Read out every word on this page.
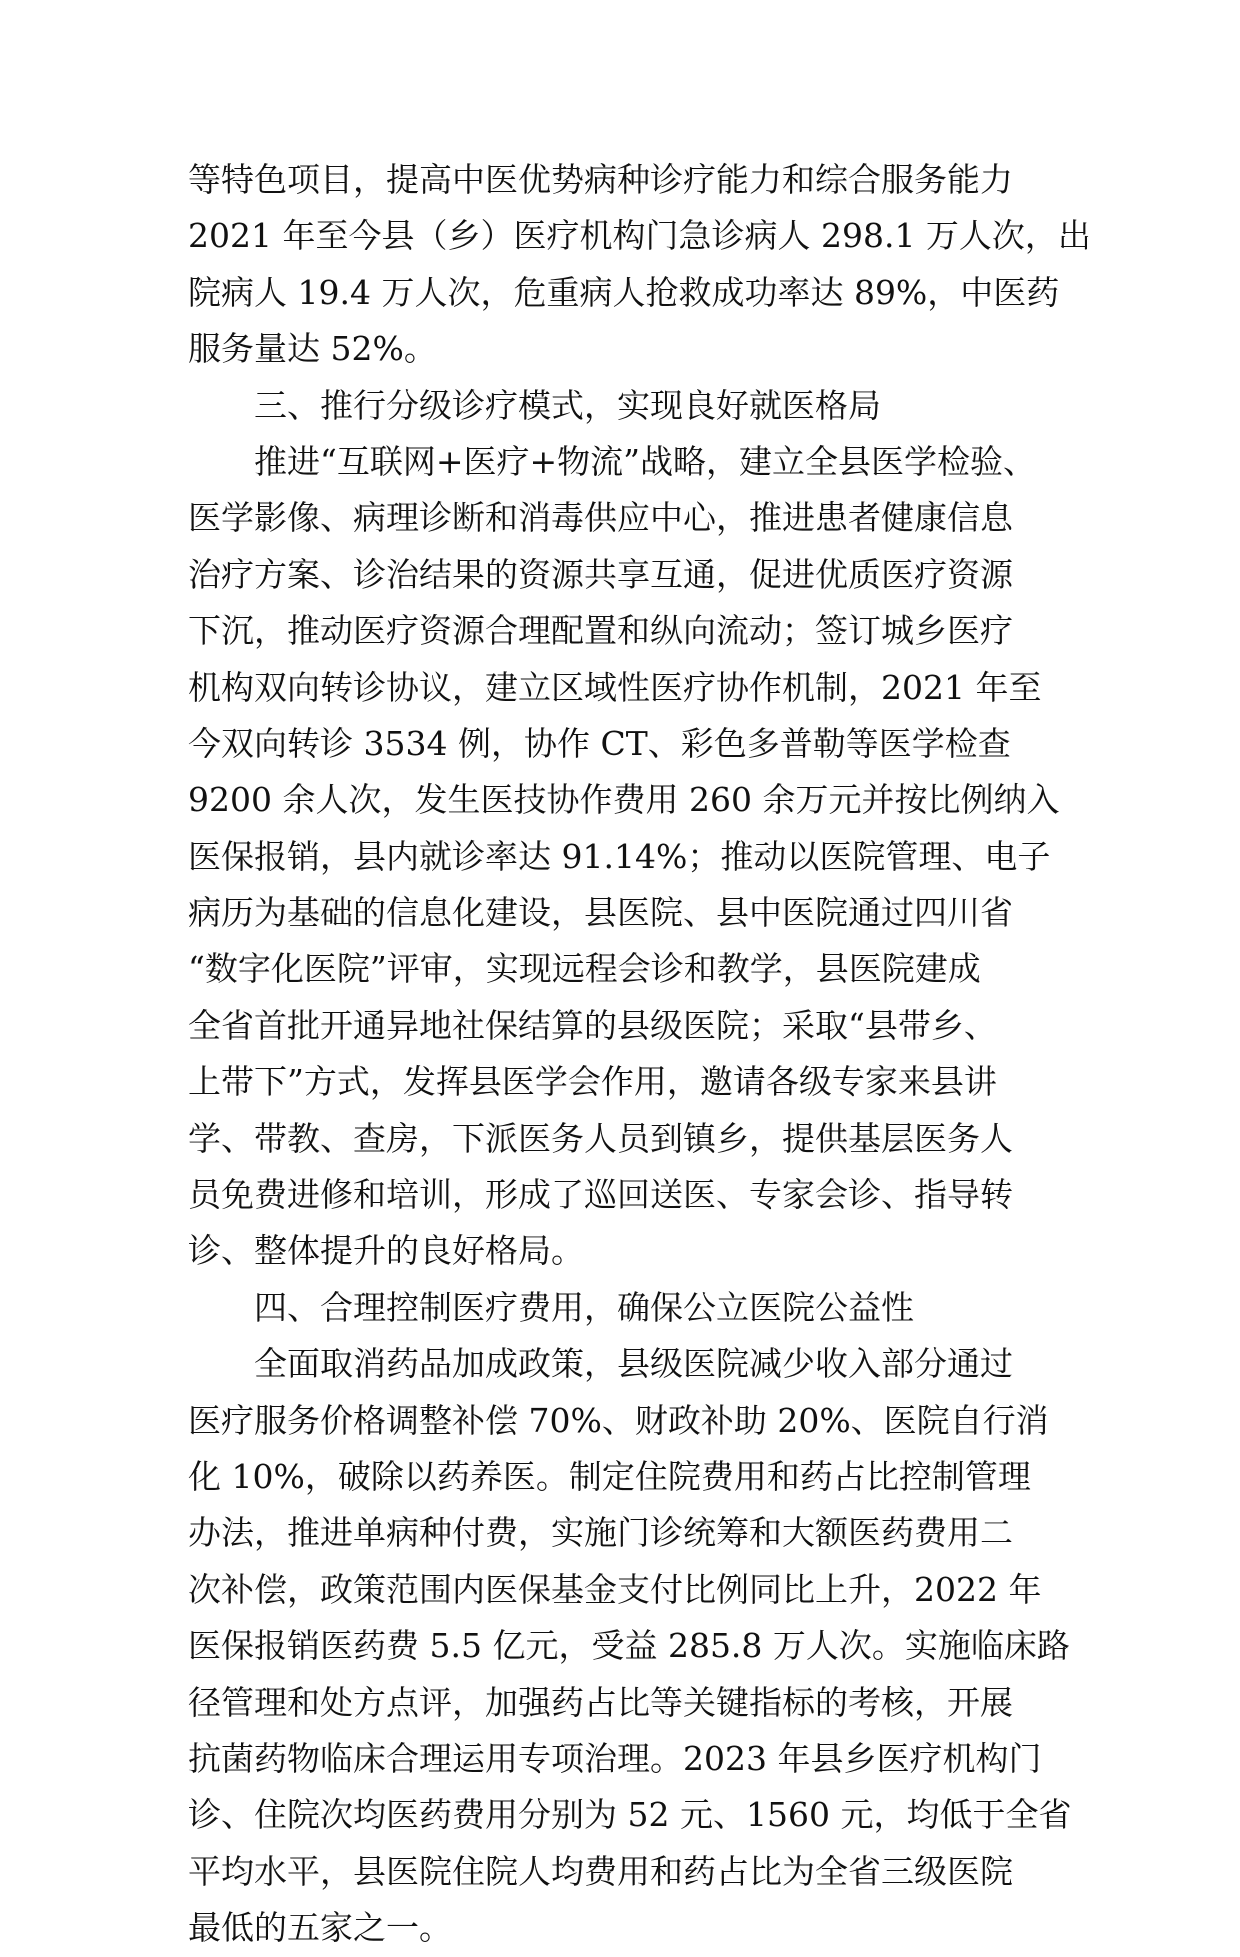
等特色项目，提高中医优势病种诊疗能力和综合服务能力
2021 年至今县（乡）医疗机构门急诊病人 298.1 万人次，出
院病人 19.4 万人次，危重病人抢救成功率达 89%，中医药
服务量达 52%。

三、推行分级诊疗模式，实现良好就医格局

推进“互联网+医疗+物流”战略，建立全县医学检验、
医学影像、病理诊断和消毒供应中心，推进患者健康信息
治疗方案、诊治结果的资源共享互通，促进优质医疗资源
下沉，推动医疗资源合理配置和纵向流动；签订城乡医疗
机构双向转诊协议，建立区域性医疗协作机制，2021 年至
今双向转诊 3534 例，协作 CT、彩色多普勒等医学检查
9200 余人次，发生医技协作费用 260 余万元并按比例纳入
医保报销，县内就诊率达 91.14%；推动以医院管理、电子
病历为基础的信息化建设，县医院、县中医院通过四川省
“数字化医院”评审，实现远程会诊和教学，县医院建成
全省首批开通异地社保结算的县级医院；采取“县带乡、
上带下”方式，发挥县医学会作用，邀请各级专家来县讲
学、带教、查房，下派医务人员到镇乡，提供基层医务人
员免费进修和培训，形成了巡回送医、专家会诊、指导转
诊、整体提升的良好格局。

四、合理控制医疗费用，确保公立医院公益性

全面取消药品加成政策，县级医院减少收入部分通过
医疗服务价格调整补偿 70%、财政补助 20%、医院自行消
化 10%，破除以药养医。制定住院费用和药占比控制管理
办法，推进单病种付费，实施门诊统筹和大额医药费用二
次补偿，政策范围内医保基金支付比例同比上升，2022 年
医保报销医药费 5.5 亿元，受益 285.8 万人次。实施临床路
径管理和处方点评，加强药占比等关键指标的考核，开展
抗菌药物临床合理运用专项治理。2023 年县乡医疗机构门
诊、住院次均医药费用分别为 52 元、1560 元，均低于全省
平均水平，县医院住院人均费用和药占比为全省三级医院
最低的五家之一。
